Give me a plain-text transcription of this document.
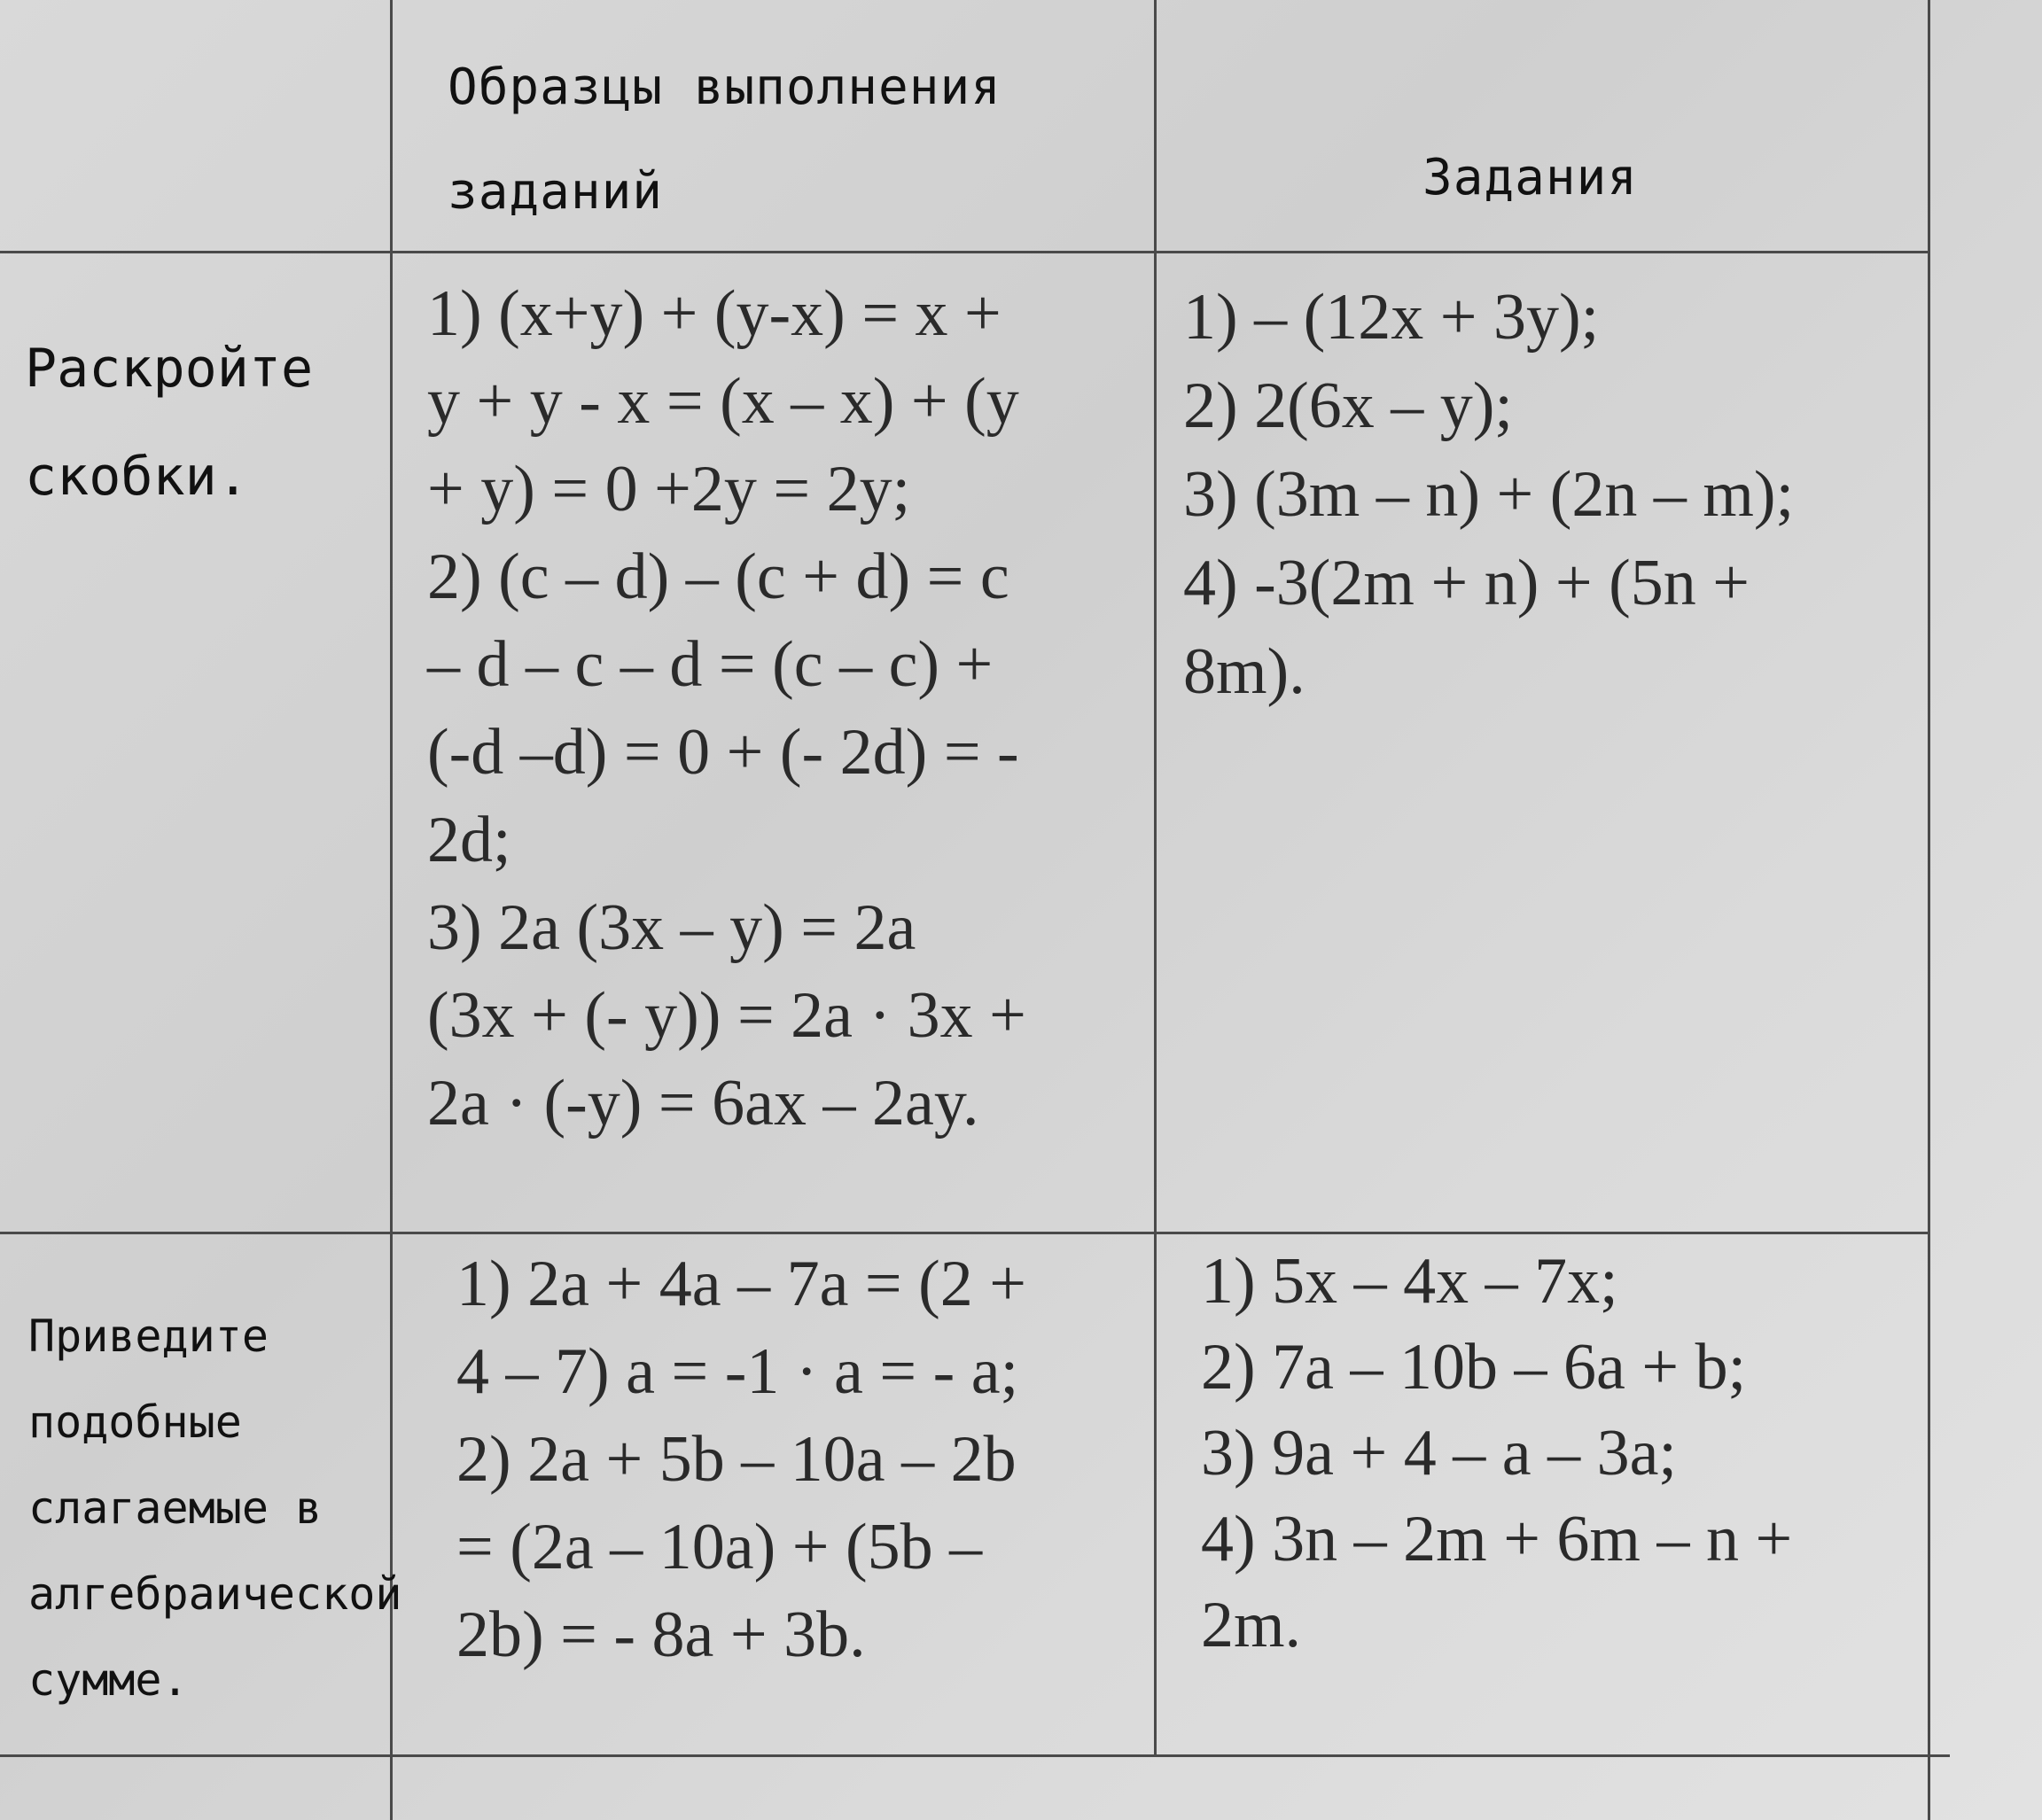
Образцы выполнения
заданий	Задания
Раскройте
скобки.
1) (x+y) + (y-x) = x +
y + y - x = (x – x) + (y
+ y) = 0 +2y = 2y;
2) (c – d) – (c + d) = c
– d – c – d = (c – c) +
(-d –d) = 0 + (- 2d) = -
2d;
3) 2a (3x – y) = 2a
(3x + (- y)) = 2a · 3x +
2a · (-y) = 6ax – 2ay.
1) – (12x + 3y);
2) 2(6x – y);
3) (3m – n) + (2n – m);
4) -3(2m + n) + (5n +
8m).
Приведите
подобные
слагаемые в
алгебраической
сумме.
1) 2a + 4a – 7a = (2 +
4 – 7) a = -1 · a = - a;
2) 2a + 5b – 10a – 2b
= (2a – 10a) + (5b –
2b) = - 8a + 3b.
1) 5x – 4x – 7x;
2) 7a – 10b – 6a + b;
3) 9a + 4 – a – 3a;
4) 3n – 2m + 6m – n +
2m.
